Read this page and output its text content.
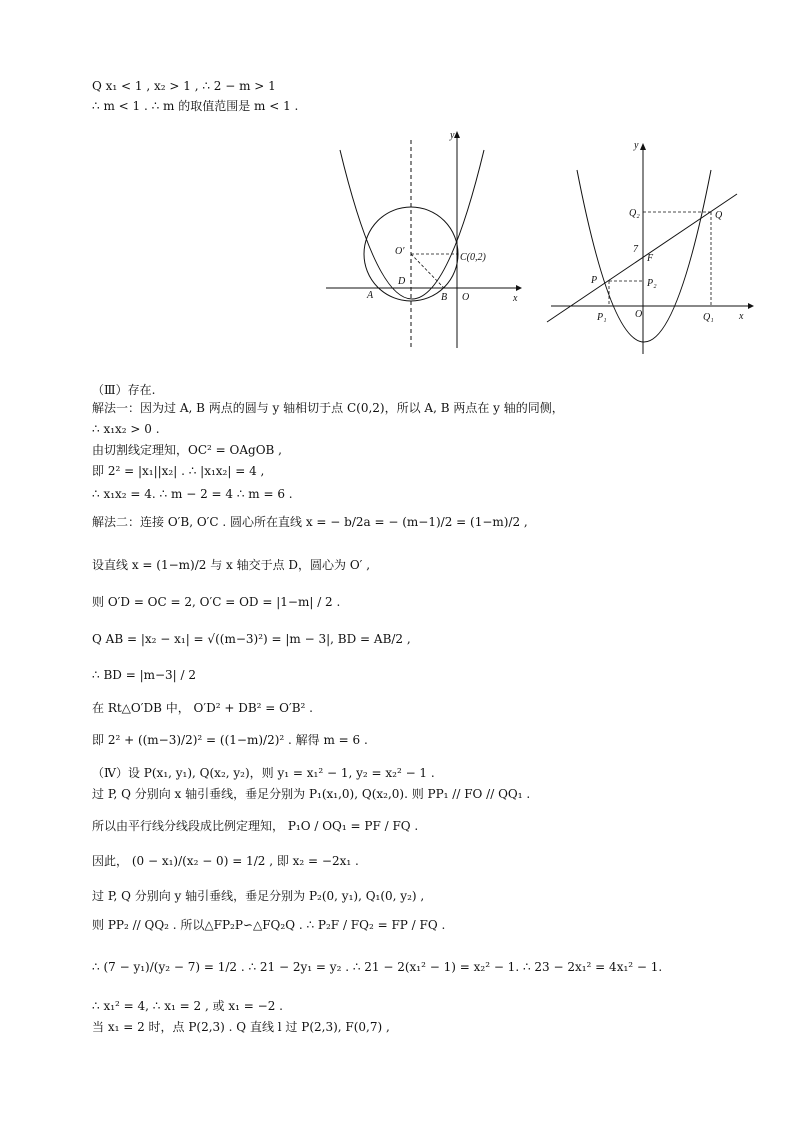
Q x₁ < 1 , x₂ > 1 , ∴ 2 − m > 1
∴ m < 1 . ∴ m 的取值范围是 m < 1 .
x
y
O′
C(0,2)
D
A	B O
x
y
Q₂	Q
7
F
P	P₂
P₁	O	Q₁
（Ⅲ）存在.
解法一：因为过 A, B 两点的圆与 y 轴相切于点 C(0,2)，所以 A, B 两点在 y 轴的同侧，
∴ x₁x₂ > 0 .
由切割线定理知，OC² = OAgOB ,
即 2² = |x₁||x₂| . ∴ |x₁x₂| = 4 ,
∴ x₁x₂ = 4. ∴ m − 2 = 4 ∴ m = 6 .
解法二：连接 O′B, O′C . 圆心所在直线 x = − b/2a = − (m−1)/2 = (1−m)/2 ,
设直线 x = (1−m)/2 与 x 轴交于点 D，圆心为 O′ ,
则 O′D = OC = 2, O′C = OD = |1−m| / 2 .
Q AB = |x₂ − x₁| = √((m−3)²) = |m − 3|, BD = AB/2 ,
∴ BD = |m−3| / 2
在 Rt△O′DB 中， O′D² + DB² = O′B² .
即 2² + ((m−3)/2)² = ((1−m)/2)² . 解得 m = 6 .
（Ⅳ）设 P(x₁, y₁), Q(x₂, y₂)，则 y₁ = x₁² − 1, y₂ = x₂² − 1 .
过 P, Q 分别向 x 轴引垂线，垂足分别为 P₁(x₁,0), Q(x₂,0). 则 PP₁ // FO // QQ₁ .
所以由平行线分线段成比例定理知， P₁O / OQ₁ = PF / FQ .
因此， (0 − x₁)/(x₂ − 0) = 1/2 , 即 x₂ = −2x₁ .
过 P, Q 分别向 y 轴引垂线，垂足分别为 P₂(0, y₁), Q₁(0, y₂) ,
则 PP₂ // QQ₂ . 所以△FP₂P∽△FQ₂Q . ∴ P₂F / FQ₂ = FP / FQ .
∴ (7 − y₁)/(y₂ − 7) = 1/2 . ∴ 21 − 2y₁ = y₂ . ∴ 21 − 2(x₁² − 1) = x₂² − 1. ∴ 23 − 2x₁² = 4x₁² − 1.
∴ x₁² = 4, ∴ x₁ = 2 , 或 x₁ = −2 .
当 x₁ = 2 时，点 P(2,3) . Q 直线 l 过 P(2,3), F(0,7) ,
